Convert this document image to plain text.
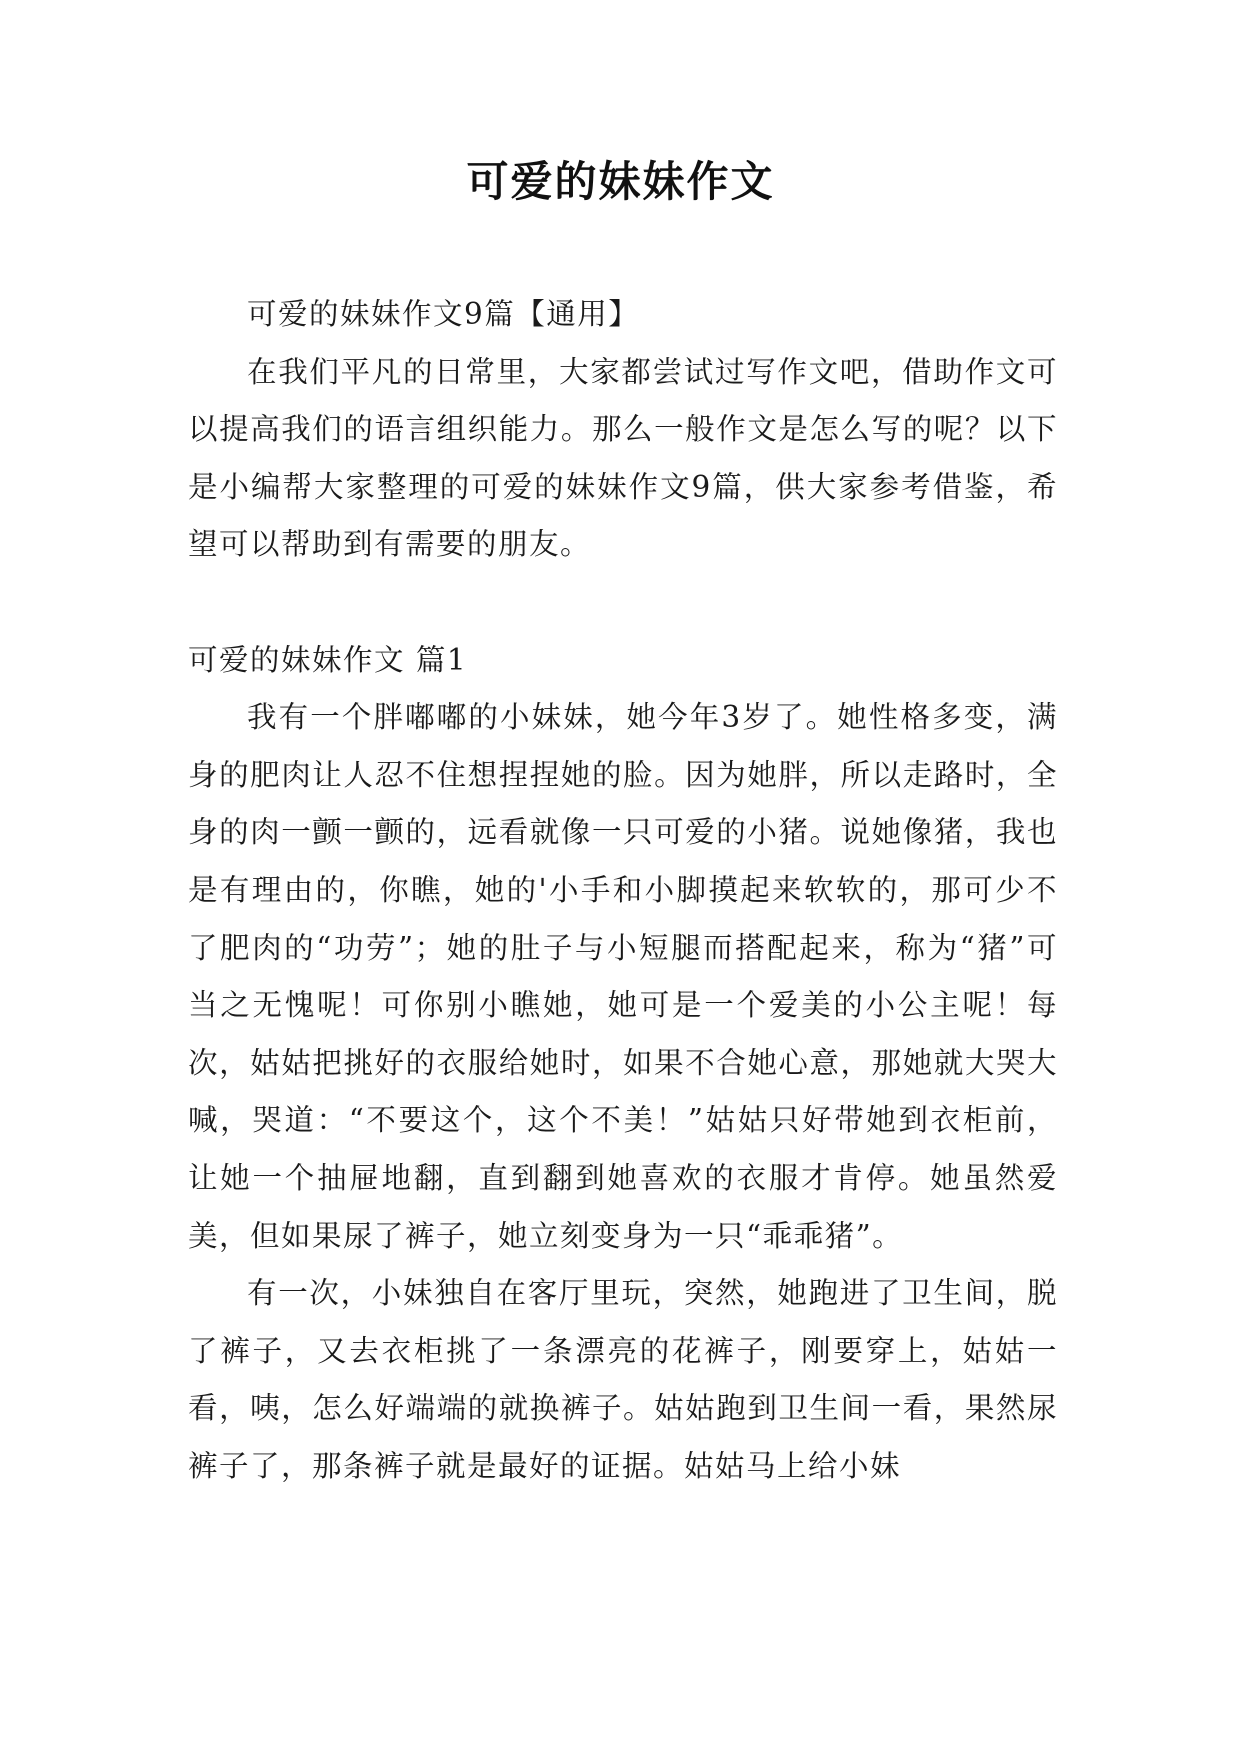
可爱的妹妹作文

可爱的妹妹作文9篇【通用】

在我们平凡的日常里，大家都尝试过写作文吧，借助作文可以提高我们的语言组织能力。那么一般作文是怎么写的呢？以下是小编帮大家整理的可爱的妹妹作文9篇，供大家参考借鉴，希望可以帮助到有需要的朋友。

可爱的妹妹作文 篇1

我有一个胖嘟嘟的小妹妹，她今年3岁了。她性格多变，满身的肥肉让人忍不住想捏捏她的脸。因为她胖，所以走路时，全身的肉一颤一颤的，远看就像一只可爱的小猪。说她像猪，我也是有理由的，你瞧，她的'小手和小脚摸起来软软的，那可少不了肥肉的“功劳”；她的肚子与小短腿而搭配起来，称为“猪”可当之无愧呢！可你别小瞧她，她可是一个爱美的小公主呢！每次，姑姑把挑好的衣服给她时，如果不合她心意，那她就大哭大喊，哭道：“不要这个，这个不美！”姑姑只好带她到衣柜前，让她一个抽屉地翻，直到翻到她喜欢的衣服才肯停。她虽然爱美，但如果尿了裤子，她立刻变身为一只“乖乖猪”。

有一次，小妹独自在客厅里玩，突然，她跑进了卫生间，脱了裤子，又去衣柜挑了一条漂亮的花裤子，刚要穿上，姑姑一看，咦，怎么好端端的就换裤子。姑姑跑到卫生间一看，果然尿裤子了，那条裤子就是最好的证据。姑姑马上给小妹
